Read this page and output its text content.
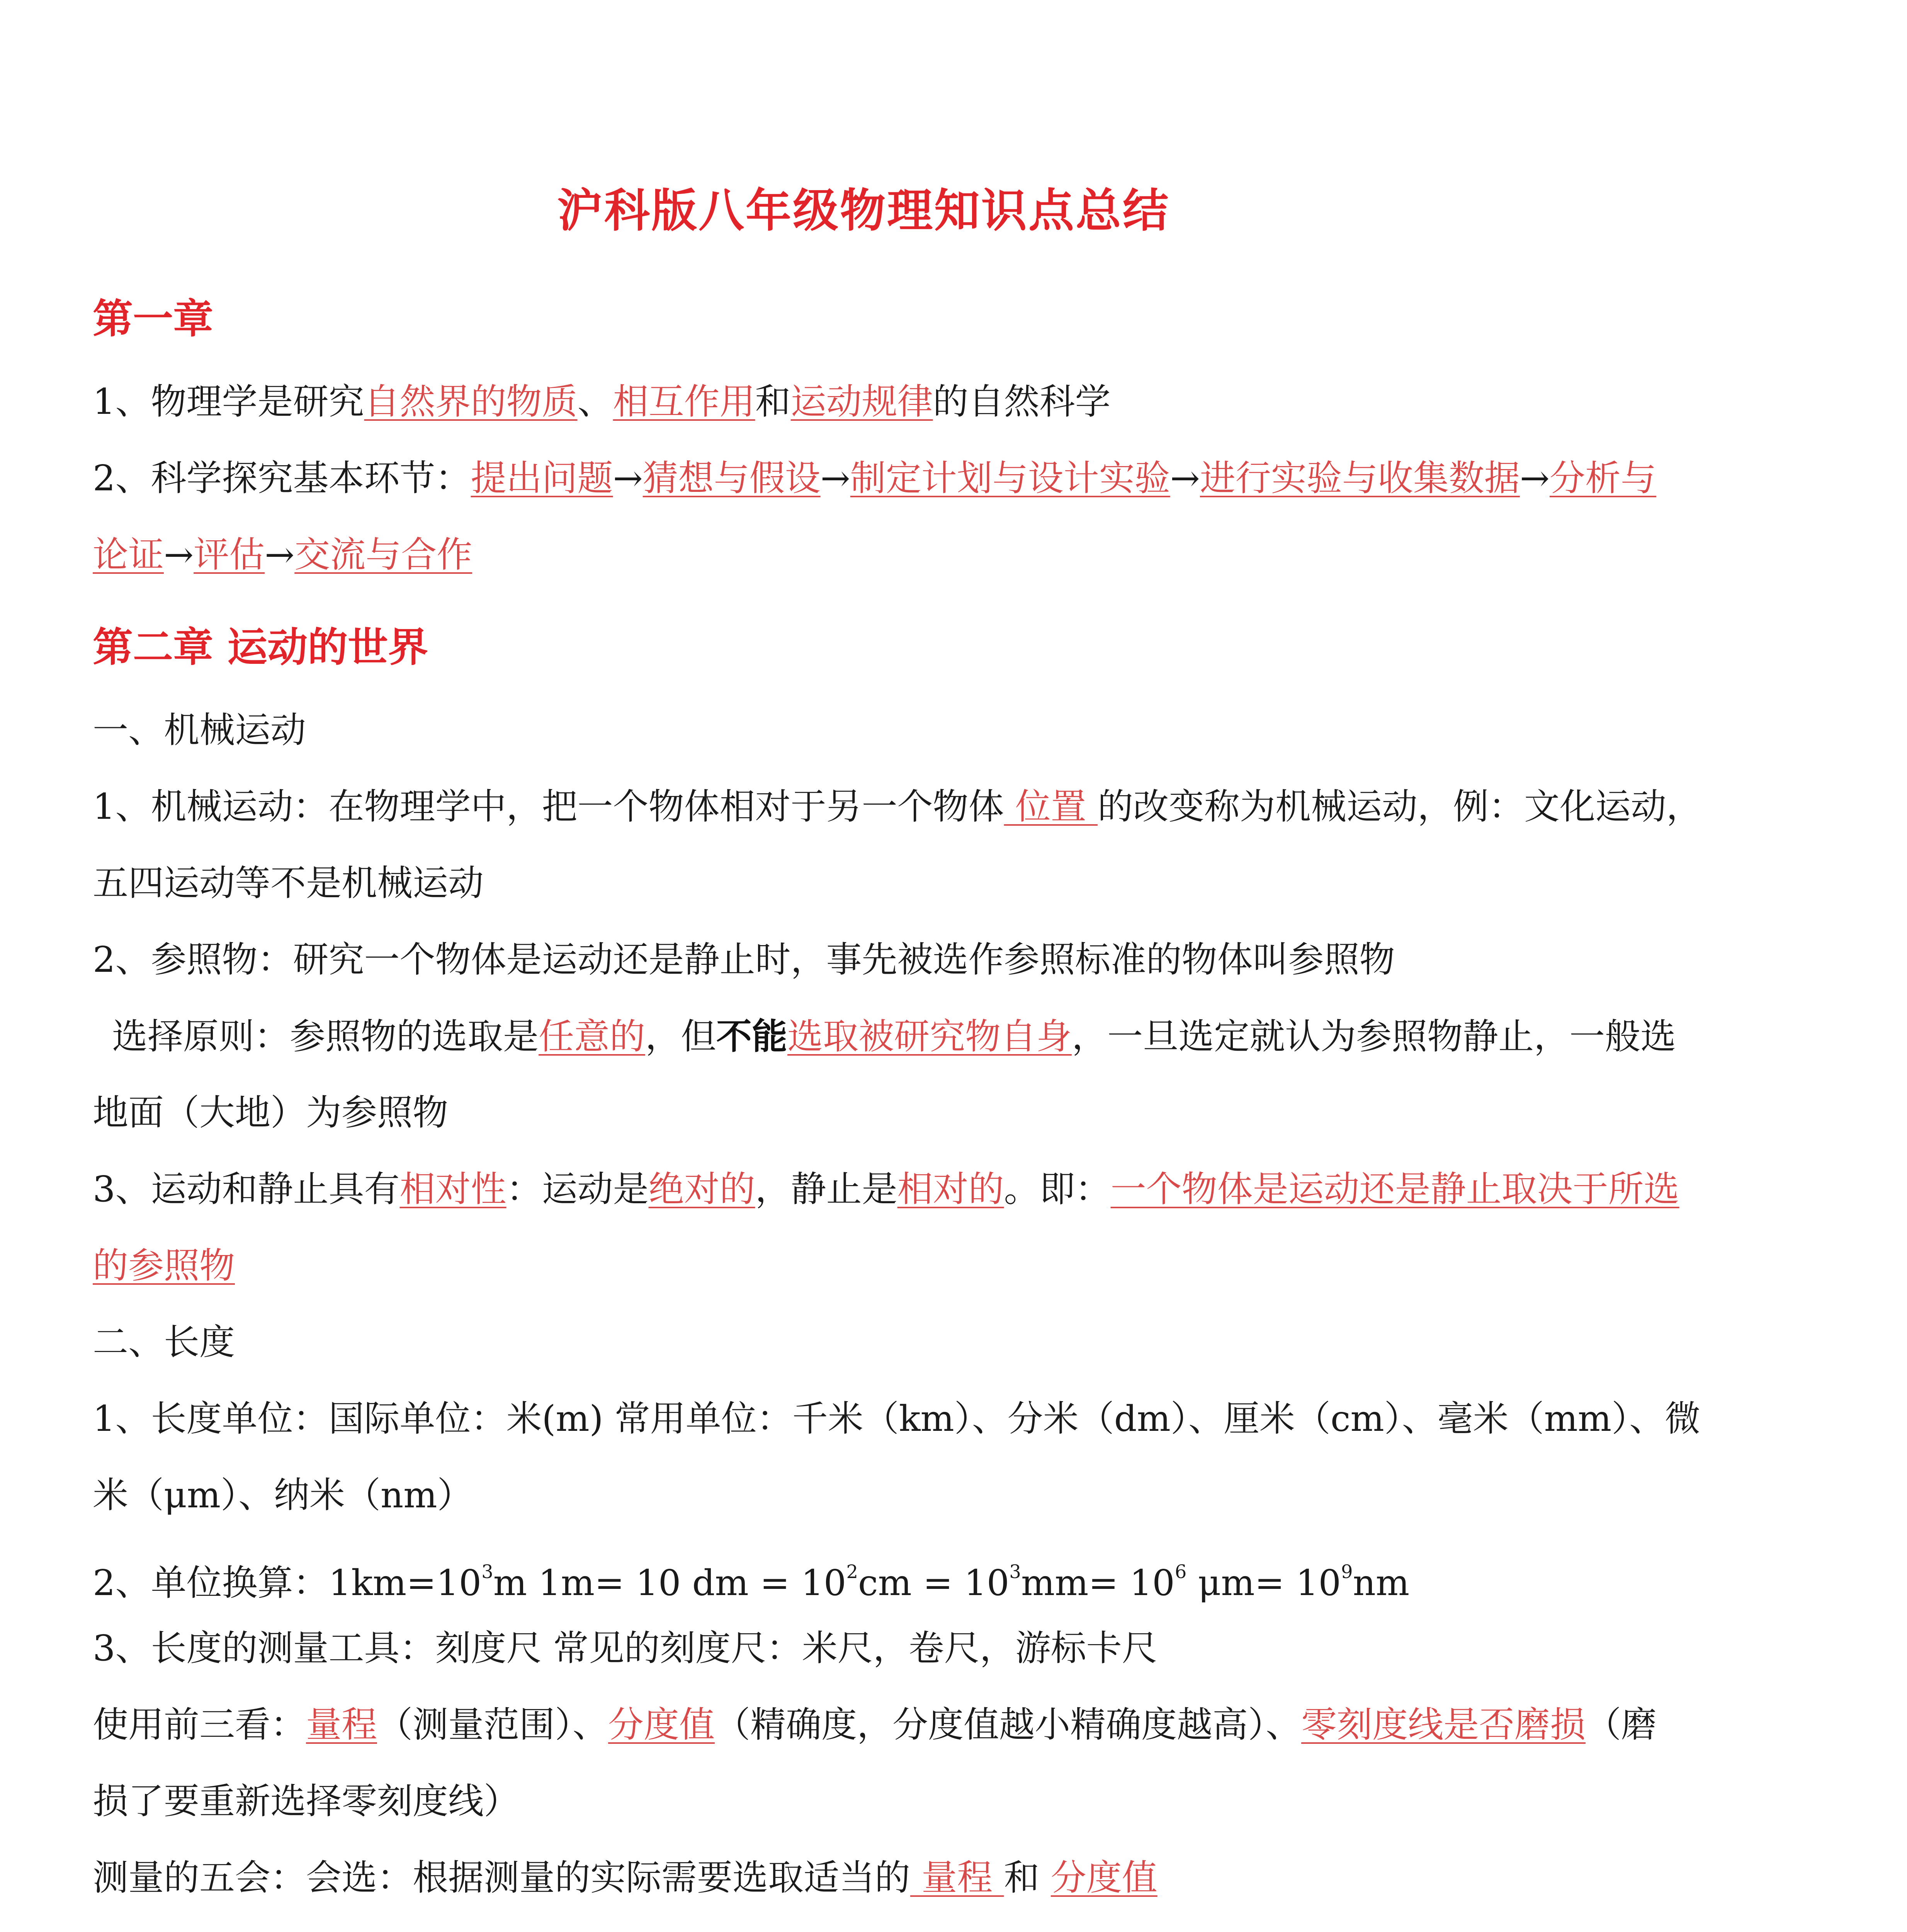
沪科版八年级物理知识点总结
第一章
1、物理学是研究自然界的物质、相互作用和运动规律的自然科学
2、科学探究基本环节：提出问题→猜想与假设→制定计划与设计实验→进行实验与收集数据→分析与
论证→评估→交流与合作
第二章 运动的世界
一、机械运动
1、机械运动：在物理学中，把一个物体相对于另一个物体 位置 的改变称为机械运动，例：文化运动，
五四运动等不是机械运动
2、参照物：研究一个物体是运动还是静止时，事先被选作参照标准的物体叫参照物
选择原则：参照物的选取是任意的，但不能选取被研究物自身，一旦选定就认为参照物静止，一般选
地面（大地）为参照物
3、运动和静止具有相对性：运动是绝对的，静止是相对的。即：一个物体是运动还是静止取决于所选
的参照物
二、长度
1、长度单位：国际单位：米(m) 常用单位：千米（km）、分米（dm）、厘米（cm）、毫米（mm）、微
米（μm）、纳米（nm）
2、单位换算：$1km=10^3m$ 1m= 10 dm = $10^2cm = 10^3mm= 10^6$ $\mu m= 10^9nm$
3、长度的测量工具：刻度尺 常见的刻度尺：米尺，卷尺，游标卡尺
使用前三看：量程（测量范围）、分度值（精确度，分度值越小精确度越高）、零刻度线是否磨损（磨
损了要重新选择零刻度线）
测量的五会：会选：根据测量的实际需要选取适当的 量程 和 分度值
